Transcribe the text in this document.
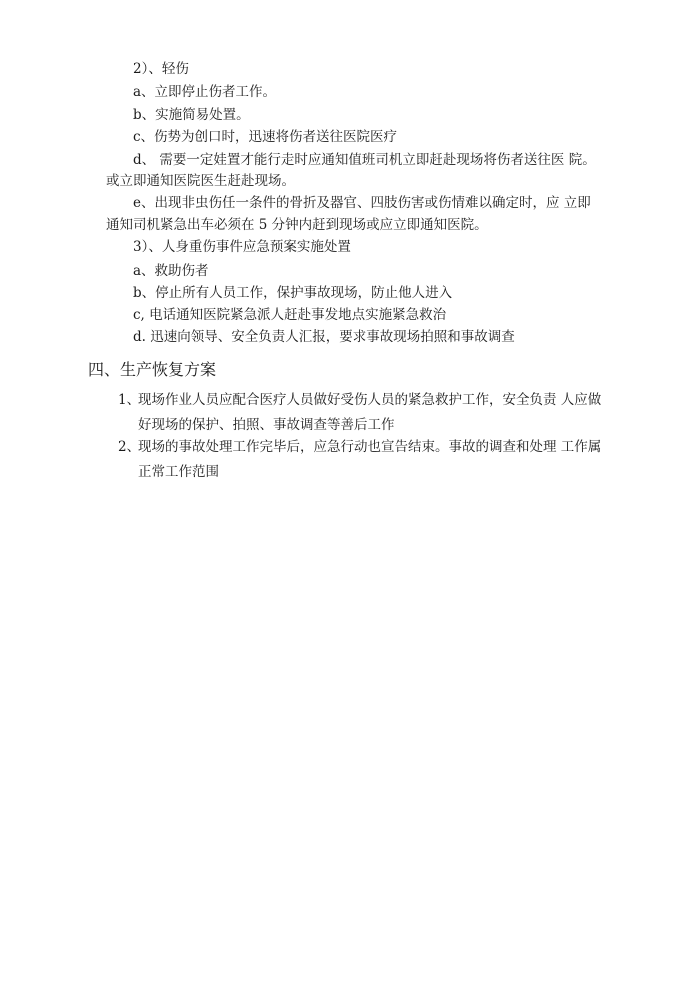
2）、轻伤
a、立即停止伤者工作。
b、实施简易处置。
c、伤势为创口时，迅速将伤者送往医院医疗
d、 需要一定娃置才能行走时应通知值班司机立即赶赴现场将伤者送往医 院。
或立即通知医院医生赶赴现场。
e、出现非虫伤任一条件的骨折及器官、四肢伤害或伤情难以确定时，应 立即
通知司机紧急出车必须在 5 分钟内赶到现场或应立即通知医院。
3）、人身重伤事件应急预案实施处置
a、救助伤者
b、停止所有人员工作，保护事故现场，防止他人进入
c, 电话通知医院紧急派人赶赴事发地点实施紧急救治
d. 迅速向领导、安全负责人汇报，要求事故现场拍照和事故调查
四、生产恢复方案
1、
现场作业人员应配合医疗人员做好受伤人员的紧急救护工作，安全负责 人应做好现场的保护、拍照、事故调查等善后工作
2、
现场的事故处理工作完毕后，应急行动也宣告结束。事故的调查和处理 工作属正常工作范围
